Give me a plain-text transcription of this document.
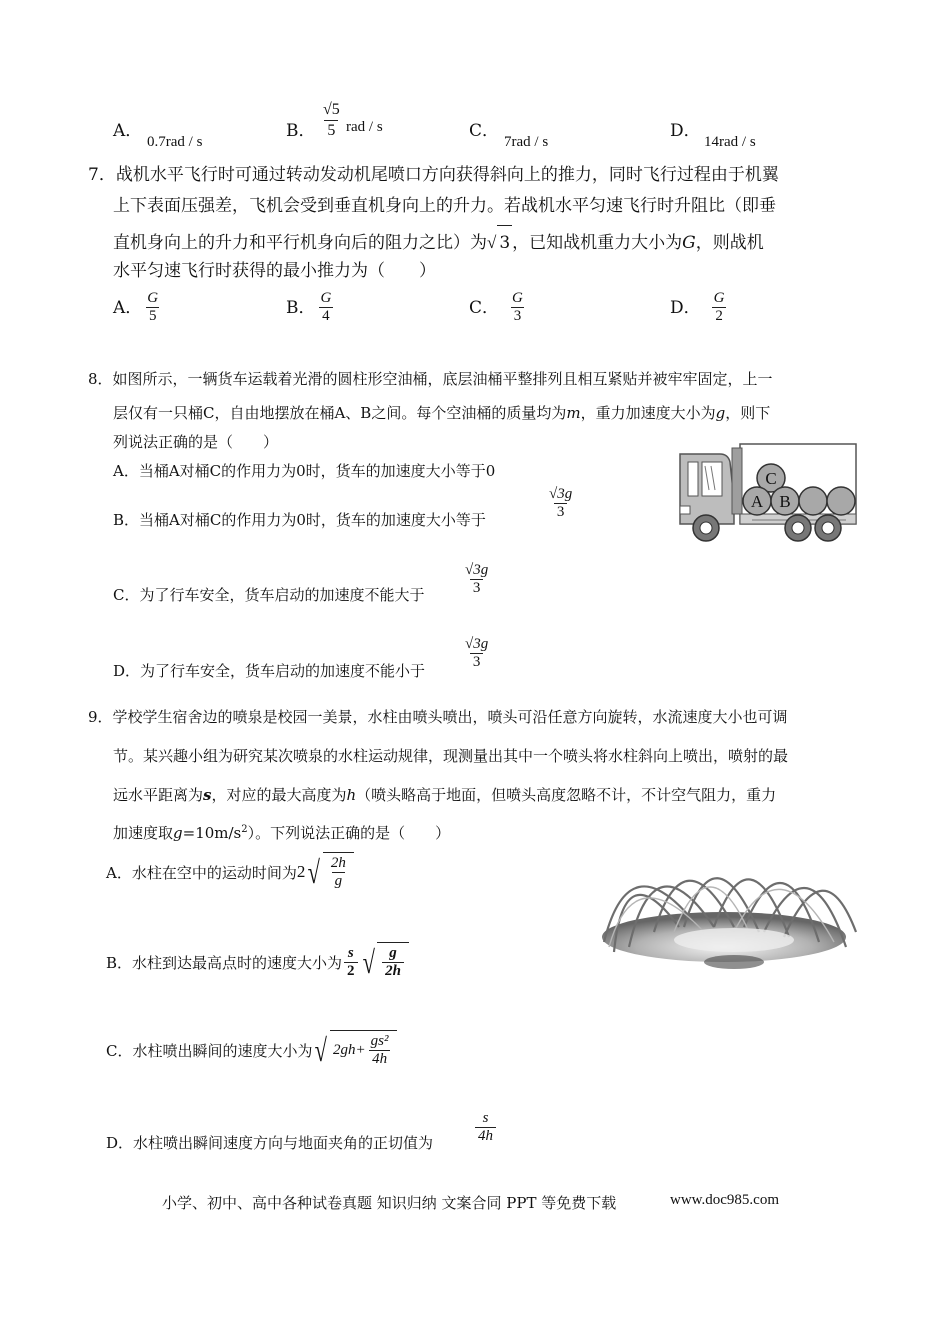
A．
0.7rad / s
B． $\frac{√5}{5}$ rad / s	C．
7rad / s
D．
14rad / s
7．战机水平飞行时可通过转动发动机尾喷口方向获得斜向上的推力，同时飞行过程由于机翼
上下表面压强差，飞机会受到垂直机身向上的升力。若战机水平匀速飞行时升阻比（即垂
直机身向上的升力和平行机身向后的阻力之比）为√ 3 ，已知战机重力大小为G，则战机
水平匀速飞行时获得的最小推力为（　　）
A． $\frac{G}{5}$	B． $\frac{G}{4}$	C． $\frac{G}{3}$	D． $\frac{G}{2}$
8．如图所示，一辆货车运载着光滑的圆柱形空油桶，底层油桶平整排列且相互紧贴并被牢牢固定，上一
层仅有一只桶C，自由地摆放在桶A、B之间。每个空油桶的质量均为m，重力加速度大小为g，则下
列说法正确的是（　　）
A．当桶A对桶C的作用力为0时，货车的加速度大小等于0
B．当桶A对桶C的作用力为0时，货车的加速度大小等于	$\frac{√3g}{3}$
C．为了行车安全，货车启动的加速度不能大于	$\frac{√3g}{3}$
D．为了行车安全，货车启动的加速度不能小于 $\frac{√3g}{3}$
C
A B
9．学校学生宿舍边的喷泉是校园一美景，水柱由喷头喷出，喷头可沿任意方向旋转，水流速度大小也可调
节。某兴趣小组为研究某次喷泉的水柱运动规律，现测量出其中一个喷头将水柱斜向上喷出，喷射的最
远水平距离为s，对应的最大高度为h（喷头略高于地面，但喷头高度忽略不计，不计空气阻力，重力
加速度取$g=10m/s^2$）。下列说法正确的是（　　）
A．水柱在空中的运动时间为 2 √ $\frac{2h}{g}$
B．水柱到达最高点时的速度大小为 $\frac{s}{2}$ √ $\frac{g}{2h}$
C．水柱喷出瞬间的速度大小为 √ $2gh+ \frac{\text{gs²}}{4h}$
D．水柱喷出瞬间速度方向与地面夹角的正切值为	$\frac{s}{4h}$
小学、初中、高中各种试卷真题 知识归纳 文案合同 PPT 等免费下载	www.doc985.com
